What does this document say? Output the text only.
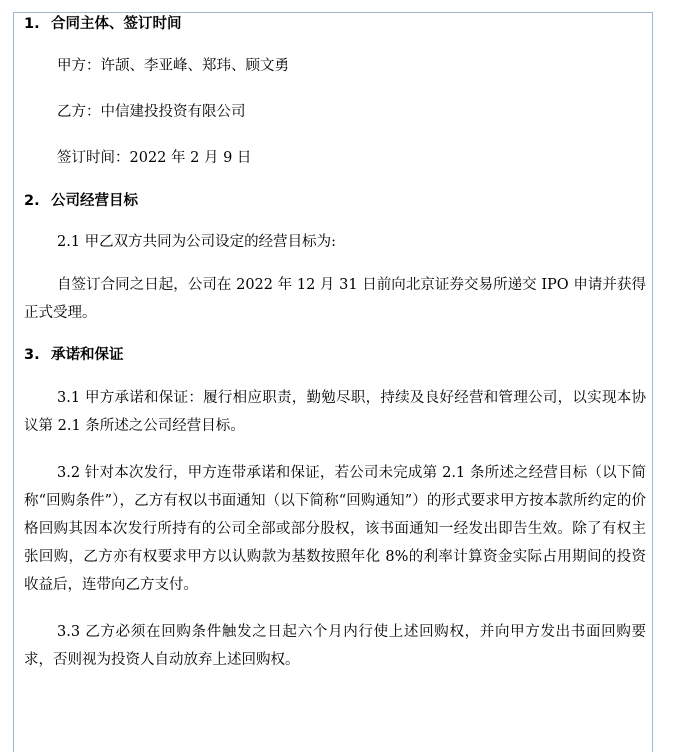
1. 合同主体、签订时间
甲方：许颉、李亚峰、郑玮、顾文勇
乙方：中信建投投资有限公司
签订时间：2022 年 2 月 9 日
2. 公司经营目标
2.1 甲乙双方共同为公司设定的经营目标为:
自签订合同之日起，公司在 2022 年 12 月 31 日前向北京证券交易所递交 IPO 申请并获得正式受理。
3. 承诺和保证
3.1 甲方承诺和保证：履行相应职责，勤勉尽职，持续及良好经营和管理公司，以实现本协议第 2.1 条所述之公司经营目标。
3.2 针对本次发行，甲方连带承诺和保证，若公司未完成第 2.1 条所述之经营目标（以下简称“回购条件”），乙方有权以书面通知（以下简称“回购通知”）的形式要求甲方按本款所约定的价格回购其因本次发行所持有的公司全部或部分股权，该书面通知一经发出即告生效。除了有权主张回购，乙方亦有权要求甲方以认购款为基数按照年化 8%的利率计算资金实际占用期间的投资收益后，连带向乙方支付。
3.3 乙方必须在回购条件触发之日起六个月内行使上述回购权，并向甲方发出书面回购要求，否则视为投资人自动放弃上述回购权。
